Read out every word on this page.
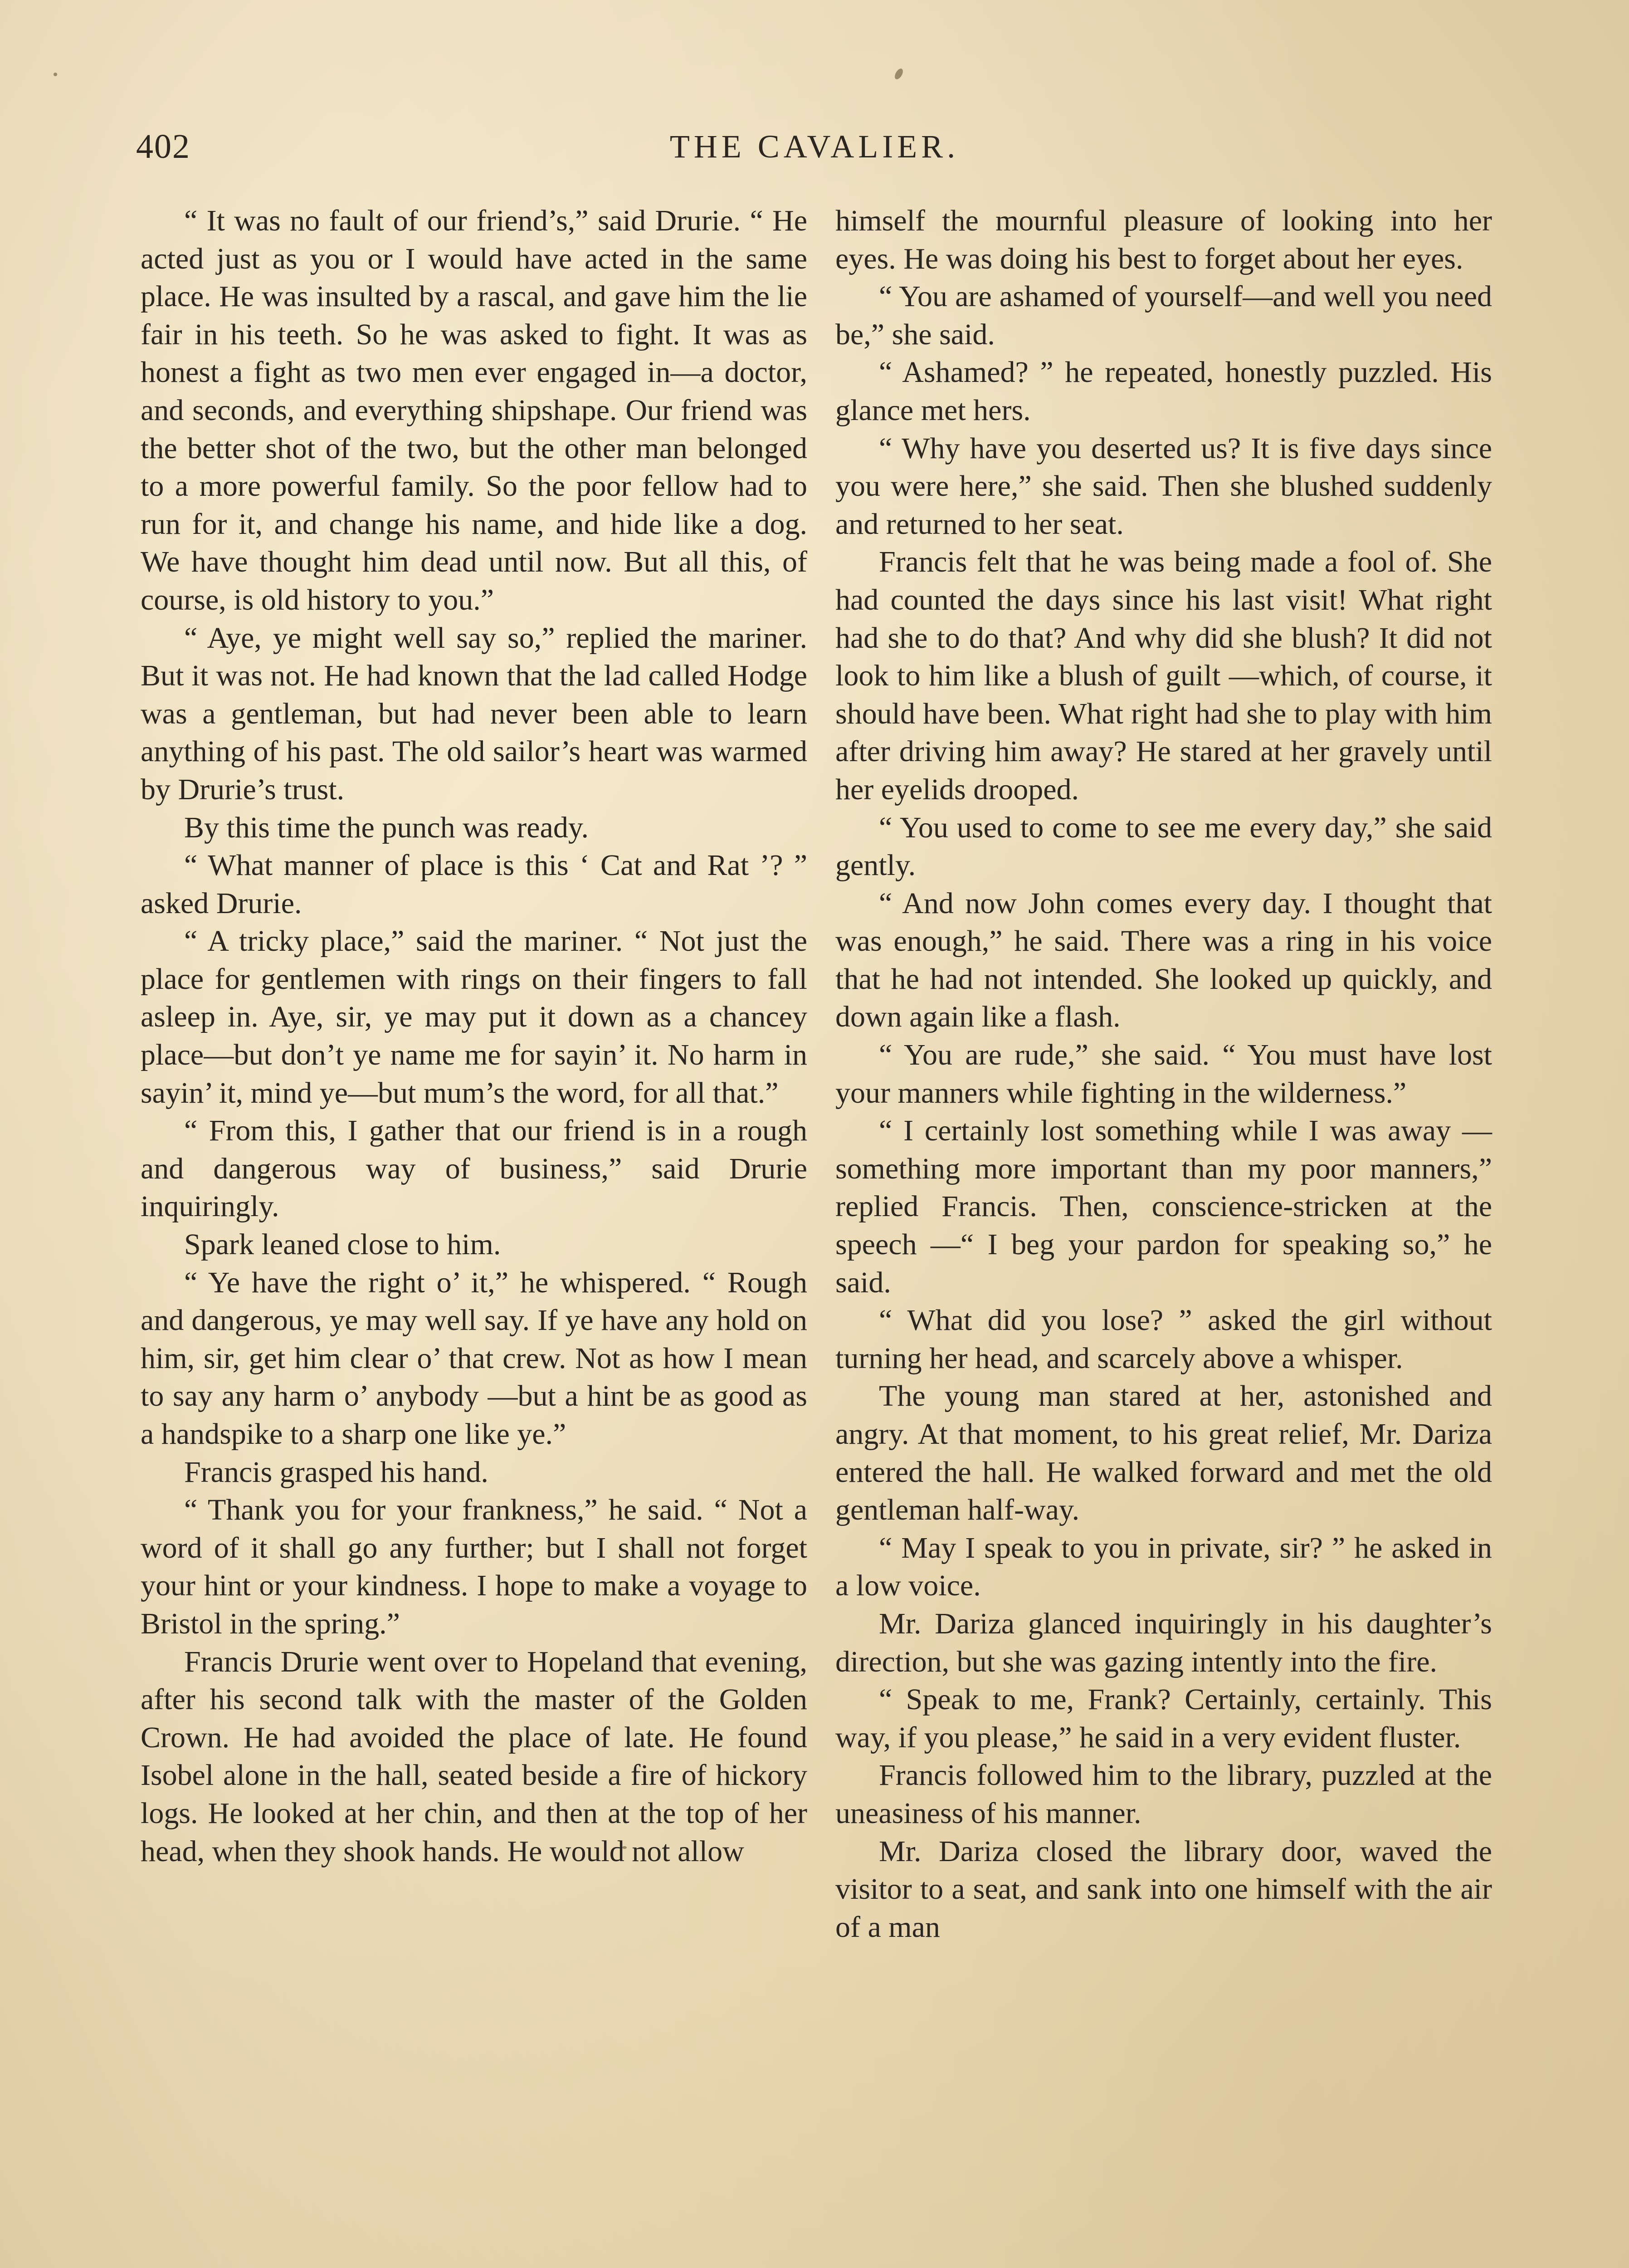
402	THE CAVALIER.

“ It was no fault of our friend’s,” said Drurie. “ He acted just as you or I would have acted in the same place. He was insulted by a rascal, and gave him the lie fair in his teeth. So he was asked to fight. It was as honest a fight as two men ever engaged in—a doctor, and seconds, and everything shipshape. Our friend was the better shot of the two, but the other man belonged to a more powerful family. So the poor fellow had to run for it, and change his name, and hide like a dog. We have thought him dead until now. But all this, of course, is old history to you.”

“ Aye, ye might well say so,” replied the mariner. But it was not. He had known that the lad called Hodge was a gentleman, but had never been able to learn anything of his past. The old sailor’s heart was warmed by Drurie’s trust.

By this time the punch was ready.

“ What manner of place is this ‘ Cat and Rat ’? ” asked Drurie.

“ A tricky place,” said the mariner. “ Not just the place for gentlemen with rings on their fingers to fall asleep in. Aye, sir, ye may put it down as a chancey place—but don’t ye name me for sayin’ it. No harm in sayin’ it, mind ye—but mum’s the word, for all that.”

“ From this, I gather that our friend is in a rough and dangerous way of business,” said Drurie inquiringly.

Spark leaned close to him.

“ Ye have the right o’ it,” he whispered. “ Rough and dangerous, ye may well say. If ye have any hold on him, sir, get him clear o’ that crew. Not as how I mean to say any harm o’ anybody —but a hint be as good as a handspike to a sharp one like ye.”

Francis grasped his hand.

“ Thank you for your frankness,” he said. “ Not a word of it shall go any further; but I shall not forget your hint or your kindness. I hope to make a voyage to Bristol in the spring.”

Francis Drurie went over to Hopeland that evening, after his second talk with the master of the Golden Crown. He had avoided the place of late. He found Isobel alone in the hall, seated beside a fire of hickory logs. He looked at her chin, and then at the top of her head, when they shook hands. He would not allow

himself the mournful pleasure of looking into her eyes. He was doing his best to forget about her eyes.

“ You are ashamed of yourself—and well you need be,” she said.

“ Ashamed? ” he repeated, honestly puzzled. His glance met hers.

“ Why have you deserted us? It is five days since you were here,” she said. Then she blushed suddenly and returned to her seat.

Francis felt that he was being made a fool of. She had counted the days since his last visit! What right had she to do that? And why did she blush? It did not look to him like a blush of guilt —which, of course, it should have been. What right had she to play with him after driving him away? He stared at her gravely until her eyelids drooped.

“ You used to come to see me every day,” she said gently.

“ And now John comes every day. I thought that was enough,” he said. There was a ring in his voice that he had not intended. She looked up quickly, and down again like a flash.

“ You are rude,” she said. “ You must have lost your manners while fighting in the wilderness.”

“ I certainly lost something while I was away — something more important than my poor manners,” replied Francis. Then, conscience-stricken at the speech —“ I beg your pardon for speaking so,” he said.

“ What did you lose? ” asked the girl without turning her head, and scarcely above a whisper.

The young man stared at her, astonished and angry. At that moment, to his great relief, Mr. Dariza entered the hall. He walked forward and met the old gentleman half-way.

“ May I speak to you in private, sir? ” he asked in a low voice.

Mr. Dariza glanced inquiringly in his daughter’s direction, but she was gazing intently into the fire.

“ Speak to me, Frank? Certainly, certainly. This way, if you please,” he said in a very evident fluster.

Francis followed him to the library, puzzled at the uneasiness of his manner.

Mr. Dariza closed the library door, waved the visitor to a seat, and sank into one himself with the air of a man
